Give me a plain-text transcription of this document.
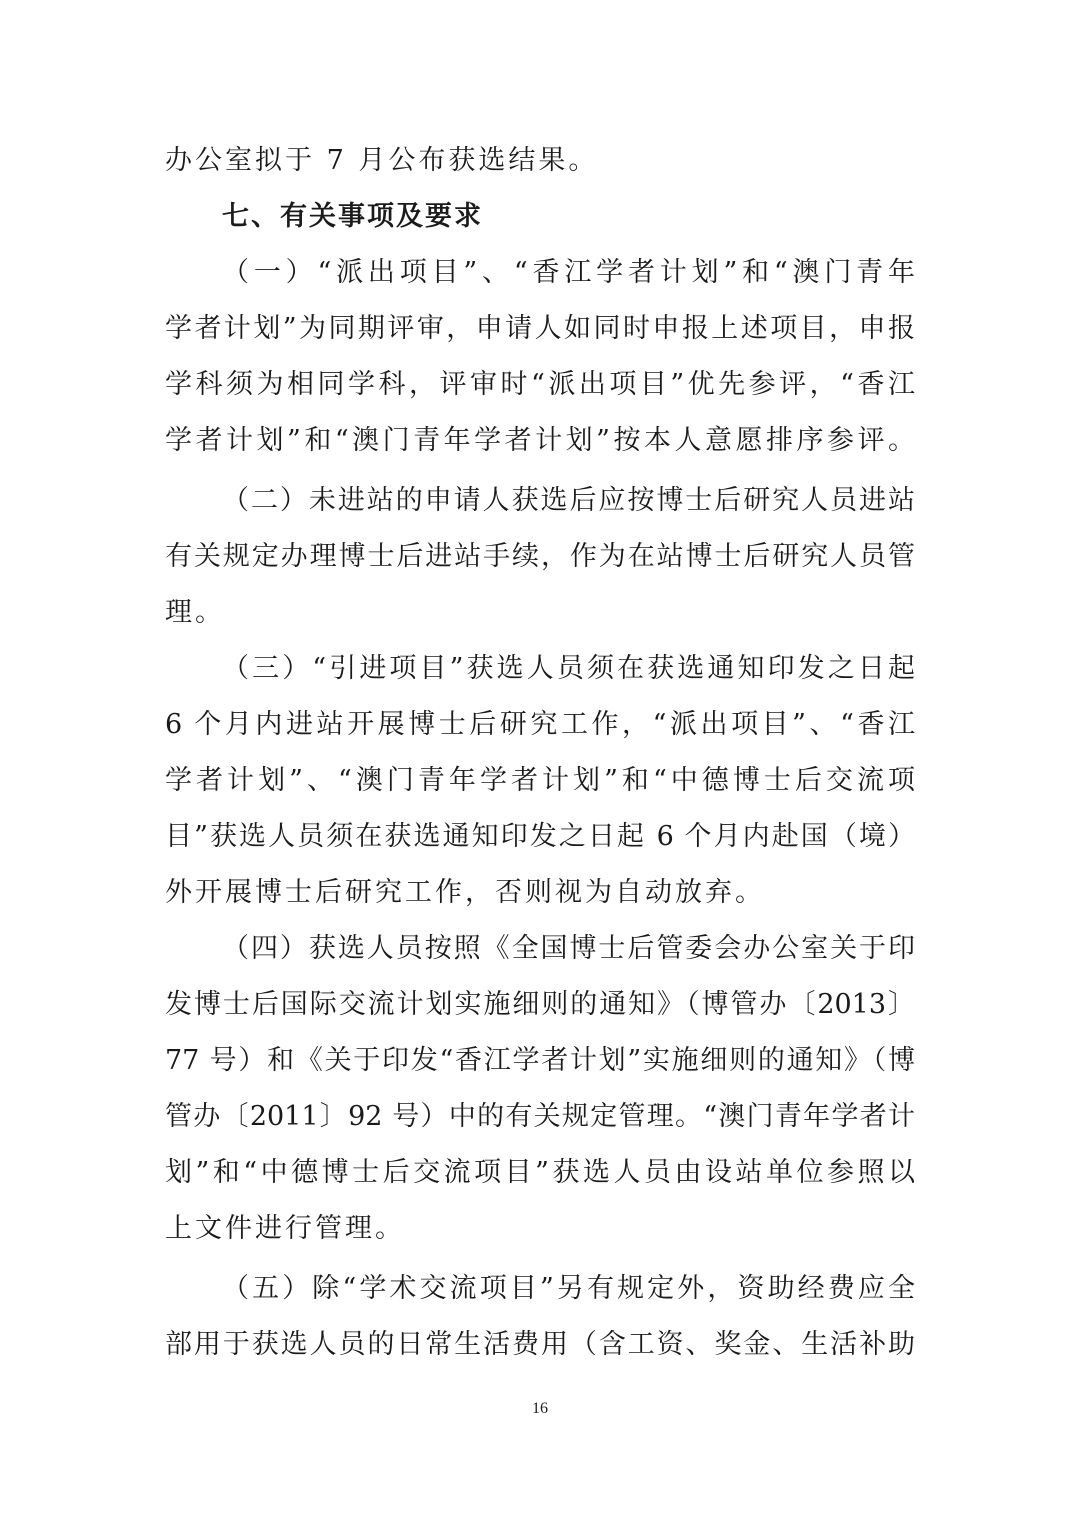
办公室拟于 7 月公布获选结果。
七、有关事项及要求
（一）“派出项目”、“香江学者计划”和“澳门青年
学者计划”为同期评审，申请人如同时申报上述项目，申报
学科须为相同学科，评审时“派出项目”优先参评，“香江
学者计划”和“澳门青年学者计划”按本人意愿排序参评。
（二）未进站的申请人获选后应按博士后研究人员进站
有关规定办理博士后进站手续，作为在站博士后研究人员管
理。
（三）“引进项目”获选人员须在获选通知印发之日起
6 个月内进站开展博士后研究工作，“派出项目”、“香江
学者计划”、“澳门青年学者计划”和“中德博士后交流项
目”获选人员须在获选通知印发之日起 6 个月内赴国（境）
外开展博士后研究工作，否则视为自动放弃。
（四）获选人员按照《全国博士后管委会办公室关于印
发博士后国际交流计划实施细则的通知》（博管办〔2013〕
77 号）和《关于印发“香江学者计划”实施细则的通知》（博
管办〔2011〕92 号）中的有关规定管理。“澳门青年学者计
划”和“中德博士后交流项目”获选人员由设站单位参照以
上文件进行管理。
（五）除“学术交流项目”另有规定外，资助经费应全
部用于获选人员的日常生活费用（含工资、奖金、生活补助
16
